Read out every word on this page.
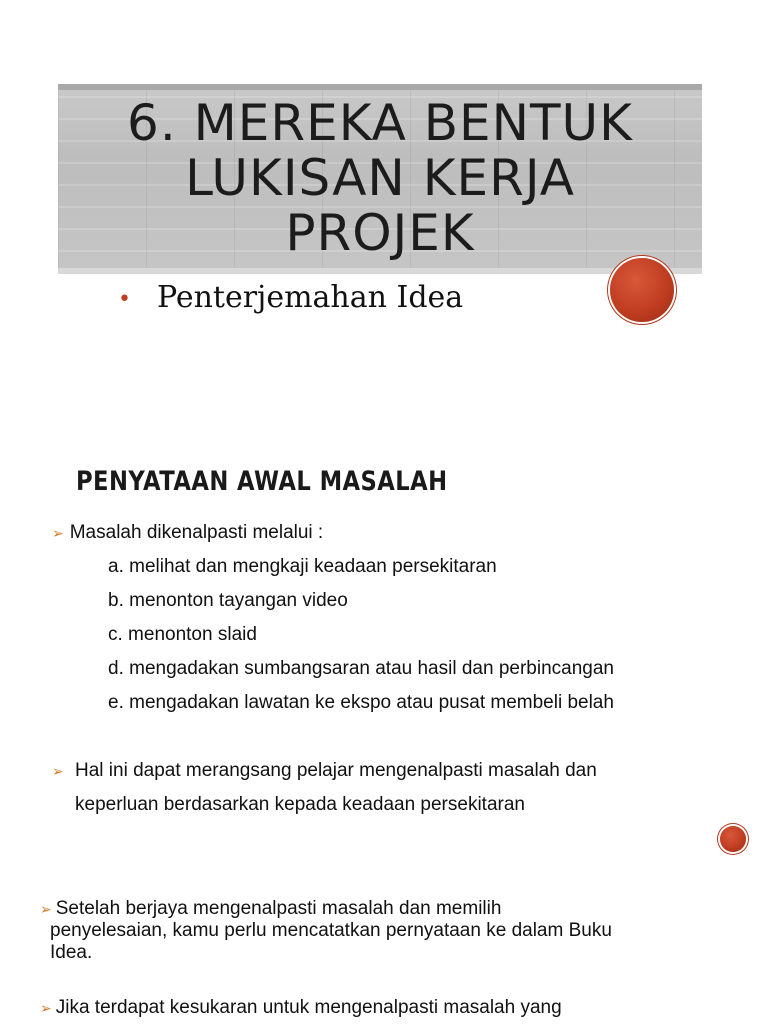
6. MEREKA BENTUK
LUKISAN KERJA
PROJEK
• Penterjemahan Idea
PENYATAAN AWAL MASALAH
➢ Masalah dikenalpasti melalui :
a. melihat dan mengkaji keadaan persekitaran
b. menonton tayangan video
c. menonton slaid
d. mengadakan sumbangsaran atau hasil dan perbincangan
e. mengadakan lawatan ke ekspo atau pusat membeli belah
➢ Hal ini dapat merangsang pelajar mengenalpasti masalah dan
keperluan berdasarkan kepada keadaan persekitaran
➢ Setelah berjaya mengenalpasti masalah dan memilih
penyelesaian, kamu perlu mencatatkan pernyataan ke dalam Buku
Idea.
➢ Jika terdapat kesukaran untuk mengenalpasti masalah yang
